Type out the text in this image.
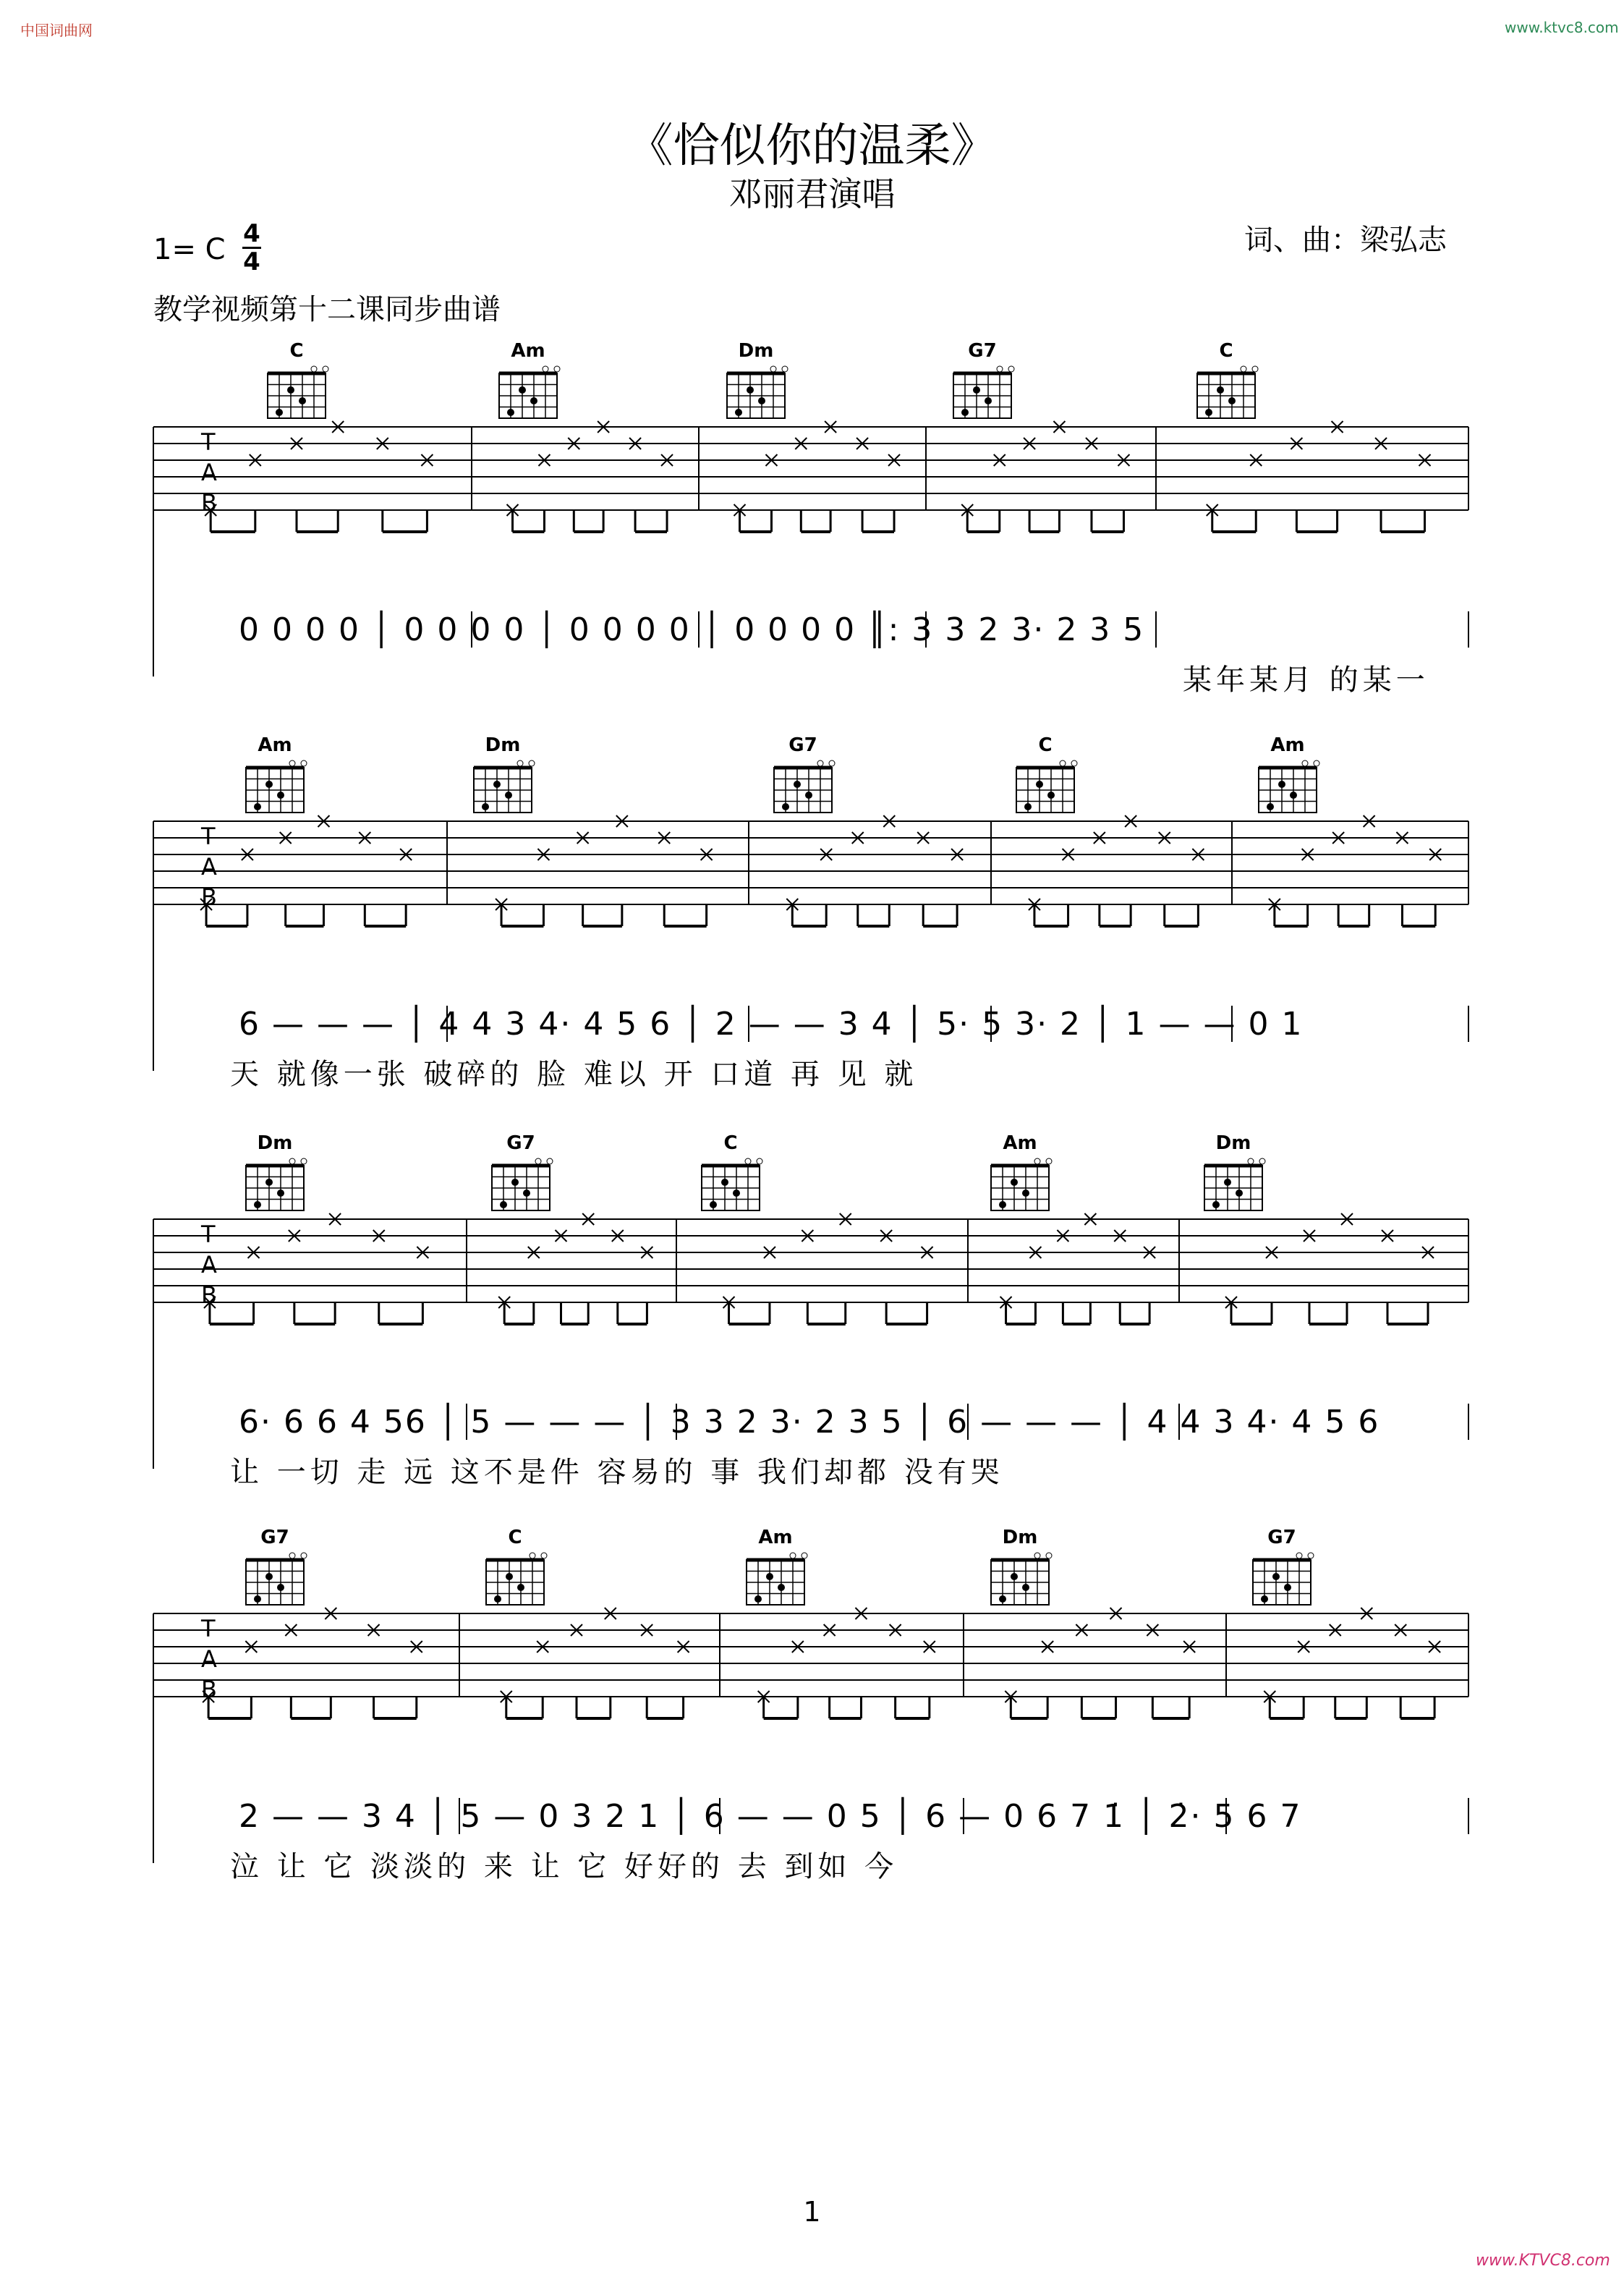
中国词曲网	www.ktvc8.com
《恰似你的温柔》
邓丽君演唱
词、曲：梁弘志
1= C 4
4
教学视频第十二课同步曲谱
T
A
B
C	Am	Dm	G7	C
0 0 0 0 │ 0 0 0 0 │ 0 0 0 0 │ 0 0 0 0 ║: 3 3 2 3· 2 3 5
某年某月 的某一
T
A
B
Am	Dm	G7	C	Am
6 — — — │ 4 4 3 4· 4 5 6 │ 2 — — 3 4 │ 5· 5 3· 2 │ 1 — — 0 1
天 就像一张 破碎的 脸 难以 开 口道 再 见 就
T
A
B
Dm	G7	C	Am	Dm
6· 6 6 4 56 │ 5 — — — │ 3 3 2 3· 2 3 5 │ 6 — — — │ 4 4 3 4· 4 5 6
让 一切 走 远 这不是件 容易的 事 我们却都 没有哭
T
A
B
G7	C	Am	Dm	G7
2 — — 3 4 │ 5 — 0 3 2 1 │ 6 — — 0 5 │ 6 — 0 6 7 1̇ │ 2̇· 5 6 7
泣 让 它 淡淡的 来 让 它 好好的 去 到如 今
1
www.KTVC8.com
